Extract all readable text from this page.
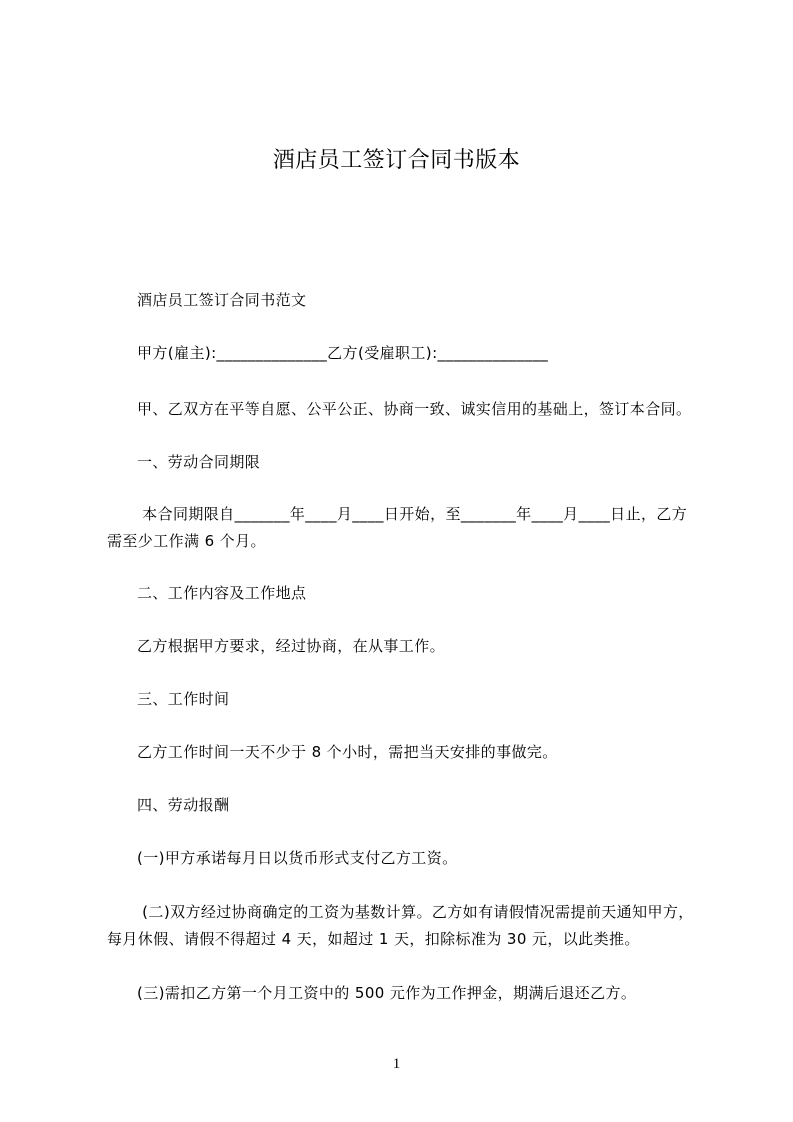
酒店员工签订合同书版本
酒店员工签订合同书范文
甲方(雇主):______________乙方(受雇职工):______________
甲、乙双方在平等自愿、公平公正、协商一致、诚实信用的基础上，签订本合同。
一、劳动合同期限
本合同期限自_______年____月____日开始，至_______年____月____日止，乙方
需至少工作满 6 个月。
二、工作内容及工作地点
乙方根据甲方要求，经过协商，在从事工作。
三、工作时间
乙方工作时间一天不少于 8 个小时，需把当天安排的事做完。
四、劳动报酬
(一)甲方承诺每月日以货币形式支付乙方工资。
(二)双方经过协商确定的工资为基数计算。乙方如有请假情况需提前天通知甲方，
每月休假、请假不得超过 4 天，如超过 1 天，扣除标准为 30 元，以此类推。
(三)需扣乙方第一个月工资中的 500 元作为工作押金，期满后退还乙方。
1
